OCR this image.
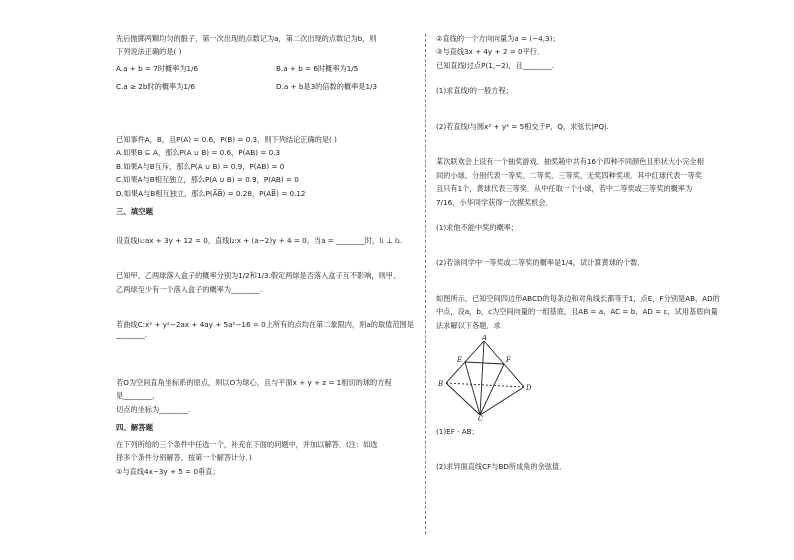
先后抛掷两颗均匀的骰子，第一次出现的点数记为a，第二次出现的点数记为b，则
下列说法正确的是( )
A.a + b = 7时概率为1/6	B.a + b = 6时概率为1/5
C.a ≥ 2b时的概率为1/6	D.a + b是3的倍数的概率是1/3
已知事件A，B，且P(A) = 0.6，P(B) = 0.3，则下列结论正确的是( )
A.如果B ⊆ A，那么P(A ∪ B) = 0.6，P(AB) = 0.3
B.如果A与B互斥，那么P(A ∪ B) = 0.9，P(AB) = 0
C.如果A与B相互独立，那么P(A ∪ B) = 0.9，P(AB) = 0
D.如果A与B相互独立，那么P(A̅B̅) = 0.28，P(AB̅) = 0.12
三、填空题
设直线l₁:ax + 3y + 12 = 0，直线l₂:x + (a−2)y + 4 = 0，当a = ________时，l₁ ⊥ l₂.
已知甲、乙两球落入盒子的概率分别为1/2和1/3.假定两球是否落入盒子互不影响，则甲、
乙两球至少有一个落入盒子的概率为________.
若曲线C:x² + y²−2ax + 4ay + 5a²−16 = 0上所有的点均在第二象限内，则a的取值范围是________.
若O为空间直角坐标系的原点，则以O为球心，且与平面x + y + z = 1相切的球的方程
是________，
切点的坐标为________.
四、解答题
在下列所给的三个条件中任选一个，补充在下面的问题中，并加以解答．(注：如选
择多个条件分别解答，按第一个解答计分．)
①与直线4x−3y + 5 = 0垂直；
②直线的一个方向向量为a = (−4,3)；
③与直线3x + 4y + 2 = 0平行．
已知直线l过点P(1,−2)，且________.
(1)求直线l的一般方程；
(2)若直线l与圆x² + y² = 5相交于P，Q，求弦长|PQ|.
某次联欢会上设有一个抽奖游戏．抽奖箱中共有16个四种不同颜色且形状大小完全相
同的小球，分别代表一等奖、二等奖、三等奖、无奖四种奖项．其中红球代表一等奖
且只有1个，黄球代表三等奖．从中任取一个小球，若中二等奖或三等奖的概率为
7/16，小华同学获得一次摸奖机会．
(1)求他不能中奖的概率；
(2)若该同学中一等奖或二等奖的概率是1/4，试计算黄球的个数．
如图所示，已知空间四边形ABCD的每条边和对角线长都等于1，点E，F分别是AB，AD的
中点，设a，b，c为空间向量的一组基底，且AB = a，AC = b，AD = c，试用基底向量
法求解以下各题．求
A
B
C
D
E	F
(1)EF · AB；
(2)求异面直线CF与BD所成角的余弦值．
